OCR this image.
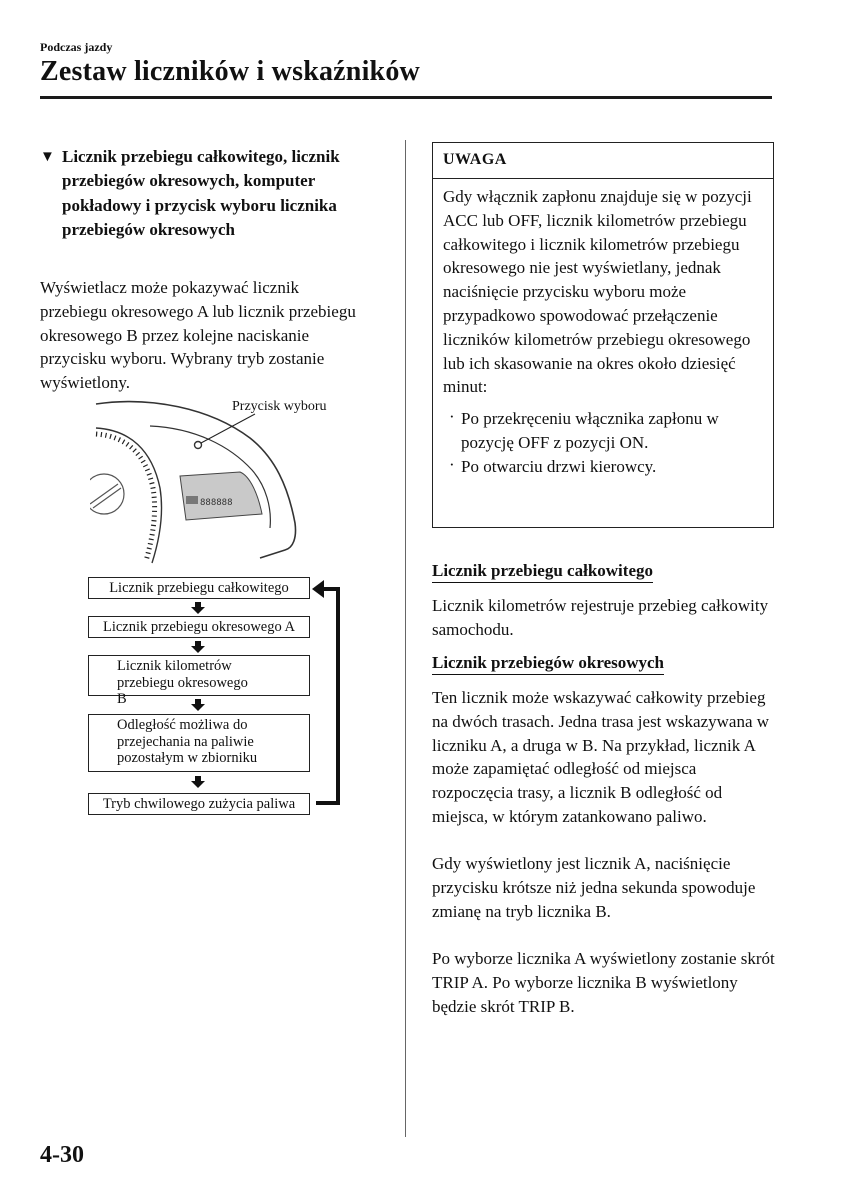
Podczas jazdy
Zestaw liczników i wskaźników
▼ Licznik przebiegu całkowitego, licznik przebiegów okresowych, komputer pokładowy i przycisk wyboru licznika przebiegów okresowych
Wyświetlacz może pokazywać licznik przebiegu okresowego A lub licznik przebiegu okresowego B przez kolejne naciskanie przycisku wyboru. Wybrany tryb zostanie wyświetlony.
888888
Przycisk wyboru
Licznik przebiegu całkowitego
Licznik przebiegu okresowego A
Licznik kilometrów przebiegu okresowego B
Odległość możliwa do przejechania na paliwie pozostałym w zbiorniku
Tryb chwilowego zużycia paliwa
UWAGA
Gdy włącznik zapłonu znajduje się w pozycji ACC lub OFF, licznik kilometrów przebiegu całkowitego i licznik kilometrów przebiegu okresowego nie jest wyświetlany, jednak naciśnięcie przycisku wyboru może przypadkowo spowodować przełączenie liczników kilometrów przebiegu okresowego lub ich skasowanie na okres około dziesięć minut:
· Po przekręceniu włącznika zapłonu w pozycję OFF z pozycji ON.
· Po otwarciu drzwi kierowcy.
Licznik przebiegu całkowitego
Licznik kilometrów rejestruje przebieg całkowity samochodu.
Licznik przebiegów okresowych
Ten licznik może wskazywać całkowity przebieg na dwóch trasach. Jedna trasa jest wskazywana w liczniku A, a druga w B. Na przykład, licznik A może zapamiętać odległość od miejsca rozpoczęcia trasy, a licznik B odległość od miejsca, w którym zatankowano paliwo.
Gdy wyświetlony jest licznik A, naciśnięcie przycisku krótsze niż jedna sekunda spowoduje zmianę na tryb licznika B.
Po wyborze licznika A wyświetlony zostanie skrót TRIP A. Po wyborze licznika B wyświetlony będzie skrót TRIP B.
4-30
